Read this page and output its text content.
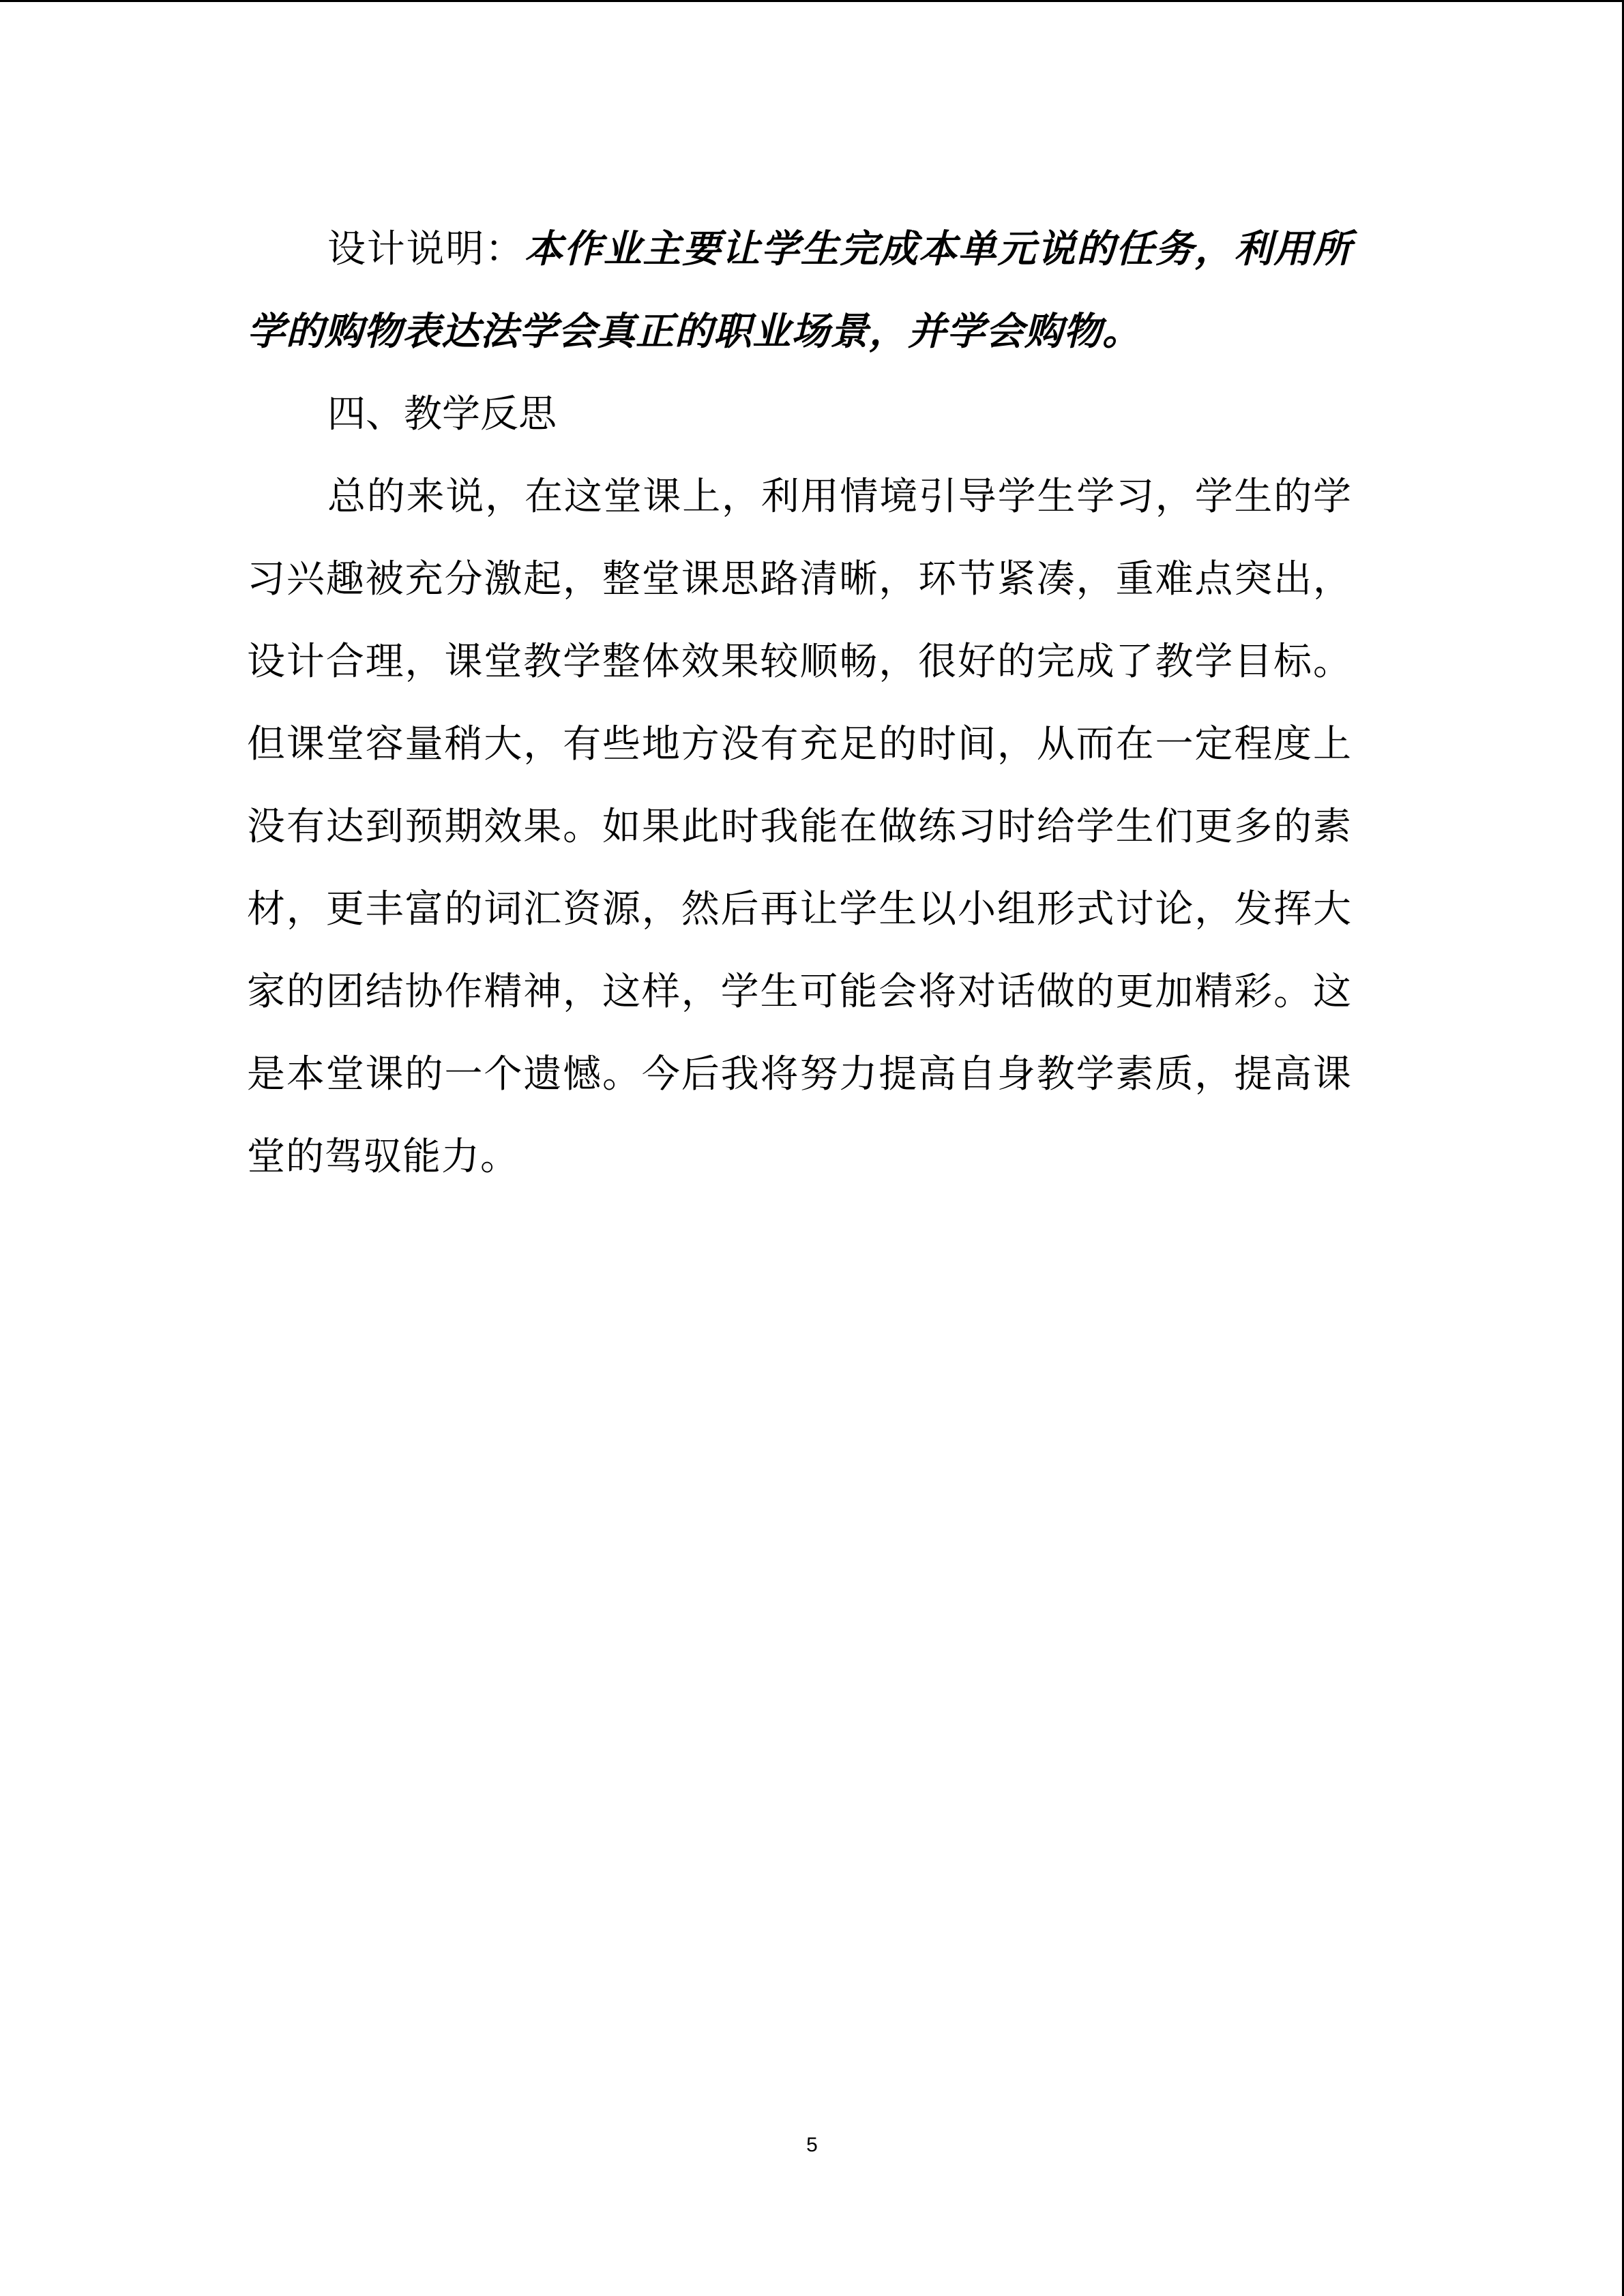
设计说明：本作业主要让学生完成本单元说的任务，利用所学的购物表达法学会真正的职业场景，并学会购物。

四、教学反思

总的来说，在这堂课上，利用情境引导学生学习，学生的学习兴趣被充分激起，整堂课思路清晰，环节紧凑，重难点突出，设计合理，课堂教学整体效果较顺畅，很好的完成了教学目标。但课堂容量稍大，有些地方没有充足的时间，从而在一定程度上没有达到预期效果。如果此时我能在做练习时给学生们更多的素材，更丰富的词汇资源，然后再让学生以小组形式讨论，发挥大家的团结协作精神，这样，学生可能会将对话做的更加精彩。这是本堂课的一个遗憾。今后我将努力提高自身教学素质，提高课堂的驾驭能力。

5
